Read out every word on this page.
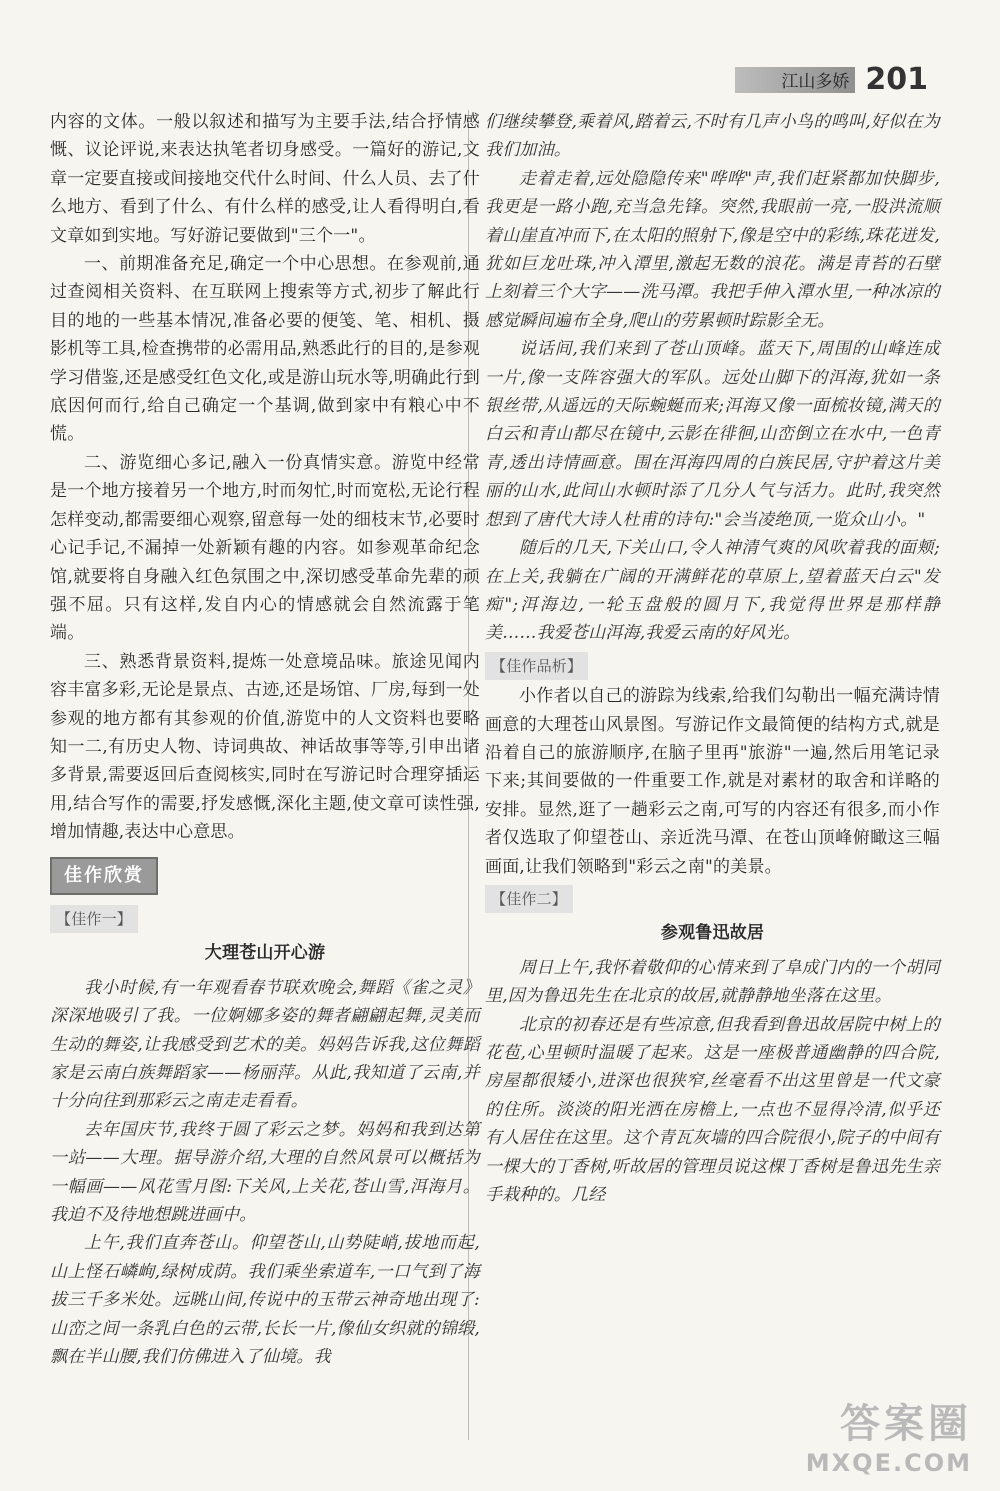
江山多娇 201

内容的文体。一般以叙述和描写为主要手法,结合抒情感慨、议论评说,来表达执笔者切身感受。一篇好的游记,文章一定要直接或间接地交代什么时间、什么人员、去了什么地方、看到了什么、有什么样的感受,让人看得明白,看文章如到实地。写好游记要做到"三个一"。

一、前期准备充足,确定一个中心思想。在参观前,通过查阅相关资料、在互联网上搜索等方式,初步了解此行目的地的一些基本情况,准备必要的便笺、笔、相机、摄影机等工具,检查携带的必需用品,熟悉此行的目的,是参观学习借鉴,还是感受红色文化,或是游山玩水等,明确此行到底因何而行,给自己确定一个基调,做到家中有粮心中不慌。

二、游览细心多记,融入一份真情实意。游览中经常是一个地方接着另一个地方,时而匆忙,时而宽松,无论行程怎样变动,都需要细心观察,留意每一处的细枝末节,必要时心记手记,不漏掉一处新颖有趣的内容。如参观革命纪念馆,就要将自身融入红色氛围之中,深切感受革命先辈的顽强不屈。只有这样,发自内心的情感就会自然流露于笔端。

三、熟悉背景资料,提炼一处意境品味。旅途见闻内容丰富多彩,无论是景点、古迹,还是场馆、厂房,每到一处参观的地方都有其参观的价值,游览中的人文资料也要略知一二,有历史人物、诗词典故、神话故事等等,引申出诸多背景,需要返回后查阅核实,同时在写游记时合理穿插运用,结合写作的需要,抒发感慨,深化主题,使文章可读性强,增加情趣,表达中心意思。

佳作欣赏
【佳作一】
大理苍山开心游

我小时候,有一年观看春节联欢晚会,舞蹈《雀之灵》深深地吸引了我。一位婀娜多姿的舞者翩翩起舞,灵美而生动的舞姿,让我感受到艺术的美。妈妈告诉我,这位舞蹈家是云南白族舞蹈家——杨丽萍。从此,我知道了云南,并十分向往到那彩云之南走走看看。

去年国庆节,我终于圆了彩云之梦。妈妈和我到达第一站——大理。据导游介绍,大理的自然风景可以概括为一幅画——风花雪月图:下关风,上关花,苍山雪,洱海月。我迫不及待地想跳进画中。

上午,我们直奔苍山。仰望苍山,山势陡峭,拔地而起,山上怪石嶙峋,绿树成荫。我们乘坐索道车,一口气到了海拔三千多米处。远眺山间,传说中的玉带云神奇地出现了:山峦之间一条乳白色的云带,长长一片,像仙女织就的锦缎,飘在半山腰,我们仿佛进入了仙境。我

们继续攀登,乘着风,踏着云,不时有几声小鸟的鸣叫,好似在为我们加油。

走着走着,远处隐隐传来"哗哗"声,我们赶紧都加快脚步,我更是一路小跑,充当急先锋。突然,我眼前一亮,一股洪流顺着山崖直冲而下,在太阳的照射下,像是空中的彩练,珠花迸发,犹如巨龙吐珠,冲入潭里,激起无数的浪花。满是青苔的石壁上刻着三个大字——洗马潭。我把手伸入潭水里,一种冰凉的感觉瞬间遍布全身,爬山的劳累顿时踪影全无。

说话间,我们来到了苍山顶峰。蓝天下,周围的山峰连成一片,像一支阵容强大的军队。远处山脚下的洱海,犹如一条银丝带,从遥远的天际蜿蜒而来;洱海又像一面梳妆镜,满天的白云和青山都尽在镜中,云影在徘徊,山峦倒立在水中,一色青青,透出诗情画意。围在洱海四周的白族民居,守护着这片美丽的山水,此间山水顿时添了几分人气与活力。此时,我突然想到了唐代大诗人杜甫的诗句:"会当凌绝顶,一览众山小。"

随后的几天,下关山口,令人神清气爽的风吹着我的面颊;在上关,我躺在广阔的开满鲜花的草原上,望着蓝天白云"发痴";洱海边,一轮玉盘般的圆月下,我觉得世界是那样静美……我爱苍山洱海,我爱云南的好风光。

【佳作品析】

小作者以自己的游踪为线索,给我们勾勒出一幅充满诗情画意的大理苍山风景图。写游记作文最简便的结构方式,就是沿着自己的旅游顺序,在脑子里再"旅游"一遍,然后用笔记录下来;其间要做的一件重要工作,就是对素材的取舍和详略的安排。显然,逛了一趟彩云之南,可写的内容还有很多,而小作者仅选取了仰望苍山、亲近洗马潭、在苍山顶峰俯瞰这三幅画面,让我们领略到"彩云之南"的美景。

【佳作二】
参观鲁迅故居

周日上午,我怀着敬仰的心情来到了阜成门内的一个胡同里,因为鲁迅先生在北京的故居,就静静地坐落在这里。

北京的初春还是有些凉意,但我看到鲁迅故居院中树上的花苞,心里顿时温暖了起来。这是一座极普通幽静的四合院,房屋都很矮小,进深也很狭窄,丝毫看不出这里曾是一代文豪的住所。淡淡的阳光洒在房檐上,一点也不显得冷清,似乎还有人居住在这里。这个青瓦灰墙的四合院很小,院子的中间有一棵大的丁香树,听故居的管理员说这棵丁香树是鲁迅先生亲手栽种的。几经

答案圈
MXQE.COM
